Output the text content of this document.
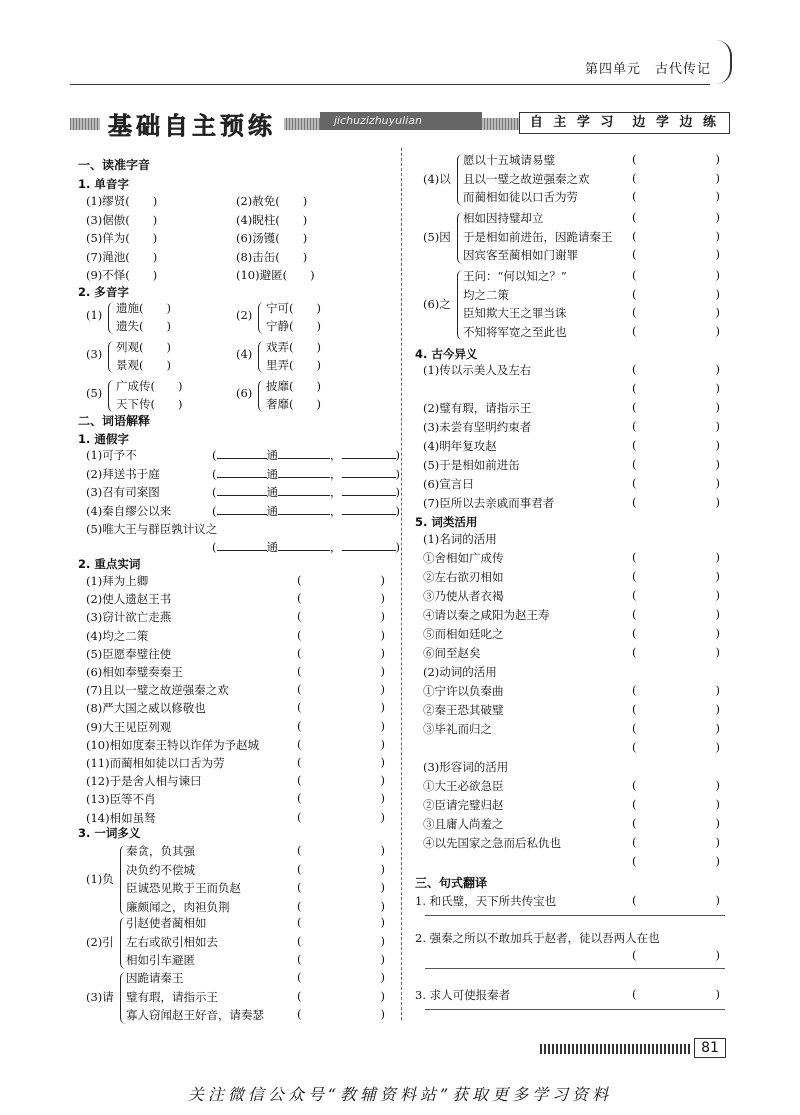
第四单元　古代传记
jichuzizhuyulian
基础自主预练	自 主 学 习　边 学 边 练
一、读准字音
1. 单音字
(1)缪贤(　　)	(2)赦免(　　)
(3)倨傲(　　)	(4)睨柱(　　)
(5)佯为(　　)	(6)汤镬(　　)
(7)渑池(　　)	(8)击缶(　　)
(9)不怿(　　)	(10)避匿(　　)
2. 多音字
(1) 遗施(　　)
遗失(　　)
(2) 宁可(　　)
宁静(　　)
(3) 列观(　　)
景观(　　)
(4) 戏弄(　　)
里弄(　　)
(5) 广成传(　　)
天下传(　　)
(6) 披靡(　　)
奢靡(　　)
二、词语解释
1. 通假字
(1)可予不	(	通	，	)
(2)拜送书于庭	(	通	，	)
(3)召有司案图	(	通	，	)
(4)秦自缪公以来	(	通	，	)
(5)唯大王与群臣孰计议之
(	通	，	)
2. 重点实词
(1)拜为上卿	(	)
(2)使人遗赵王书	(	)
(3)窃计欲亡走燕	(	)
(4)均之二策	(	)
(5)臣愿奉璧往使	(	)
(6)相如奉璧奏秦王	(	)
(7)且以一璧之故逆强秦之欢	(	)
(8)严大国之威以修敬也	(	)
(9)大王见臣列观	(	)
(10)相如度秦王特以诈佯为予赵城	(	)
(11)而蔺相如徒以口舌为劳	(	)
(12)于是舍人相与谏曰	(	)
(13)臣等不肖	(	)
(14)相如虽驽	(	)
3. 一词多义
(1)负
秦贪，负其强	(	)
决负约不偿城	(	)
臣诚恐见欺于王而负赵	(	)
廉颇闻之，肉袒负荆	(	)
(2)引
引赵使者蔺相如	(	)
左右或欲引相如去	(	)
相如引车避匿	(	)
(3)请
因跪请秦王	(	)
璧有瑕，请指示王	(	)
寡人窃闻赵王好音，请奏瑟	(	)
(4)以
愿以十五城请易璧	(	)
且以一璧之故逆强秦之欢	(	)
而蔺相如徒以口舌为劳	(	)
(5)因
相如因持璧却立	(	)
于是相如前进缶，因跪请秦王 (	)
因宾客至蔺相如门谢罪	(	)
(6)之
王问：“何以知之？”	(	)
均之二策	(	)
臣知欺大王之罪当诛	(	)
不知将军宽之至此也	(	)
4. 古今异义
(1)传以示美人及左右	(	)
(	)
(2)璧有瑕，请指示王	(	)
(3)未尝有坚明约束者	(	)
(4)明年复攻赵	(	)
(5)于是相如前进缶	(	)
(6)宣言曰	(	)
(7)臣所以去亲戚而事君者	(	)
5. 词类活用
(1)名词的活用
①舍相如广成传	(	)
②左右欲刃相如	(	)
③乃使从者衣褐	(	)
④请以秦之咸阳为赵王寿	(	)
⑤而相如廷叱之	(	)
⑥间至赵矣	(	)
(2)动词的活用
①宁许以负秦曲	(	)
②秦王恐其破璧	(	)
③毕礼而归之	(	)
(	)
(3)形容词的活用
①大王必欲急臣	(	)
②臣请完璧归赵	(	)
③且庸人尚羞之	(	)
④以先国家之急而后私仇也	(	)
(	)
三、句式翻译
1. 和氏璧，天下所共传宝也	(	)
2. 强秦之所以不敢加兵于赵者，徒以吾两人在也
(	)
3. 求人可使报秦者	(	)
81
关注微信公众号“教辅资料站”获取更多学习资料
